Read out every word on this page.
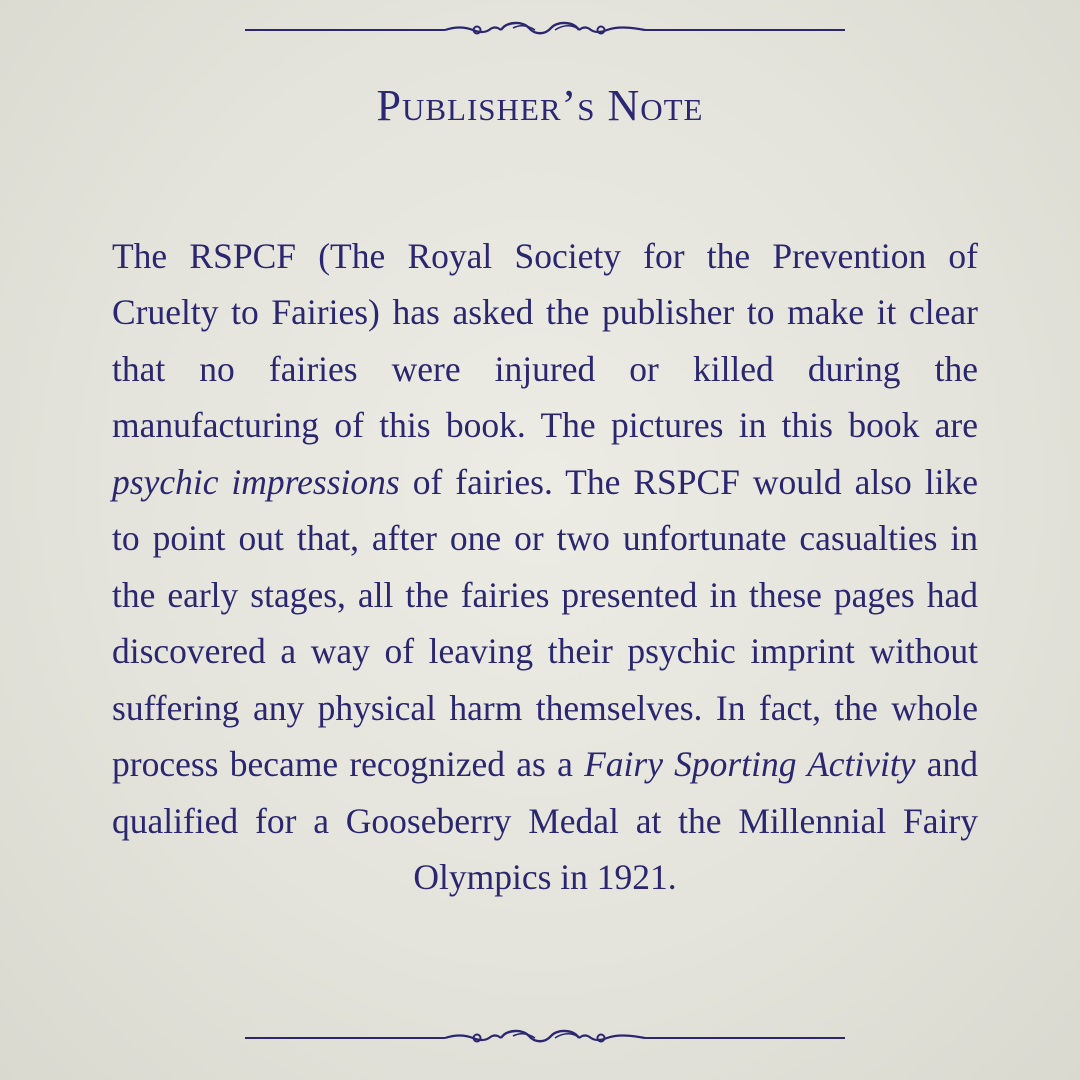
Publisher’s Note

The RSPCF (The Royal Society for the Prevention of Cruelty to Fairies) has asked the publisher to make it clear that no fairies were injured or killed during the manufacturing of this book. The pictures in this book are psychic impressions of fairies. The RSPCF would also like to point out that, after one or two unfortunate casualties in the early stages, all the fairies presented in these pages had discovered a way of leaving their psychic imprint without suffering any physical harm themselves. In fact, the whole process became recognized as a Fairy Sporting Activity and qualified for a Gooseberry Medal at the Millennial Fairy Olympics in 1921.
